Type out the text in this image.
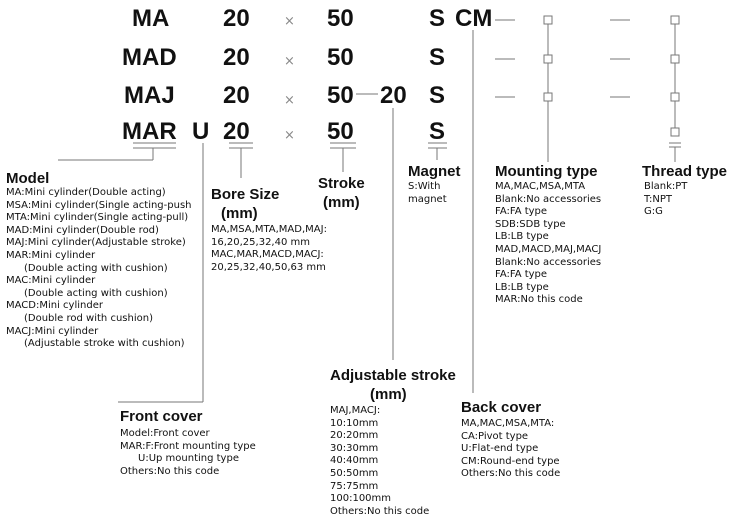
MA 20	× 50	S CM
MAD 20	× 50	S
MAJ 20	× 50 20 S
MAR U 20	× 50	S
Model
MA:Mini cylinder(Double acting)
MSA:Mini cylinder(Single acting-push
MTA:Mini cylinder(Single acting-pull)
MAD:Mini cylinder(Double rod)
MAJ:Mini cylinder(Adjustable stroke)
MAR:Mini cylinder
(Double acting with cushion)
MAC:Mini cylinder
(Double acting with cushion)
MACD:Mini cylinder
(Double rod with cushion)
MACJ:Mini cylinder
(Adjustable stroke with cushion)
Bore Size
(mm)
MA,MSA,MTA,MAD,MAJ:
16,20,25,32,40 mm
MAC,MAR,MACD,MACJ:
20,25,32,40,50,63 mm
Stroke
(mm)
Magnet
S:With
magnet
Mounting type
MA,MAC,MSA,MTA
Blank:No accessories
FA:FA type
SDB:SDB type
LB:LB type
MAD,MACD,MAJ,MACJ
Blank:No accessories
FA:FA type
LB:LB type
MAR:No this code
Thread type
Blank:PT
T:NPT
G:G
Adjustable stroke
(mm)
MAJ,MACJ:
10:10mm
20:20mm
30:30mm
40:40mm
50:50mm
75:75mm
100:100mm
Others:No this code
Front cover
Model:Front cover
MAR:F:Front mounting type
U:Up mounting type
Others:No this code
Back cover
MA,MAC,MSA,MTA:
CA:Pivot type
U:Flat-end type
CM:Round-end type
Others:No this code
